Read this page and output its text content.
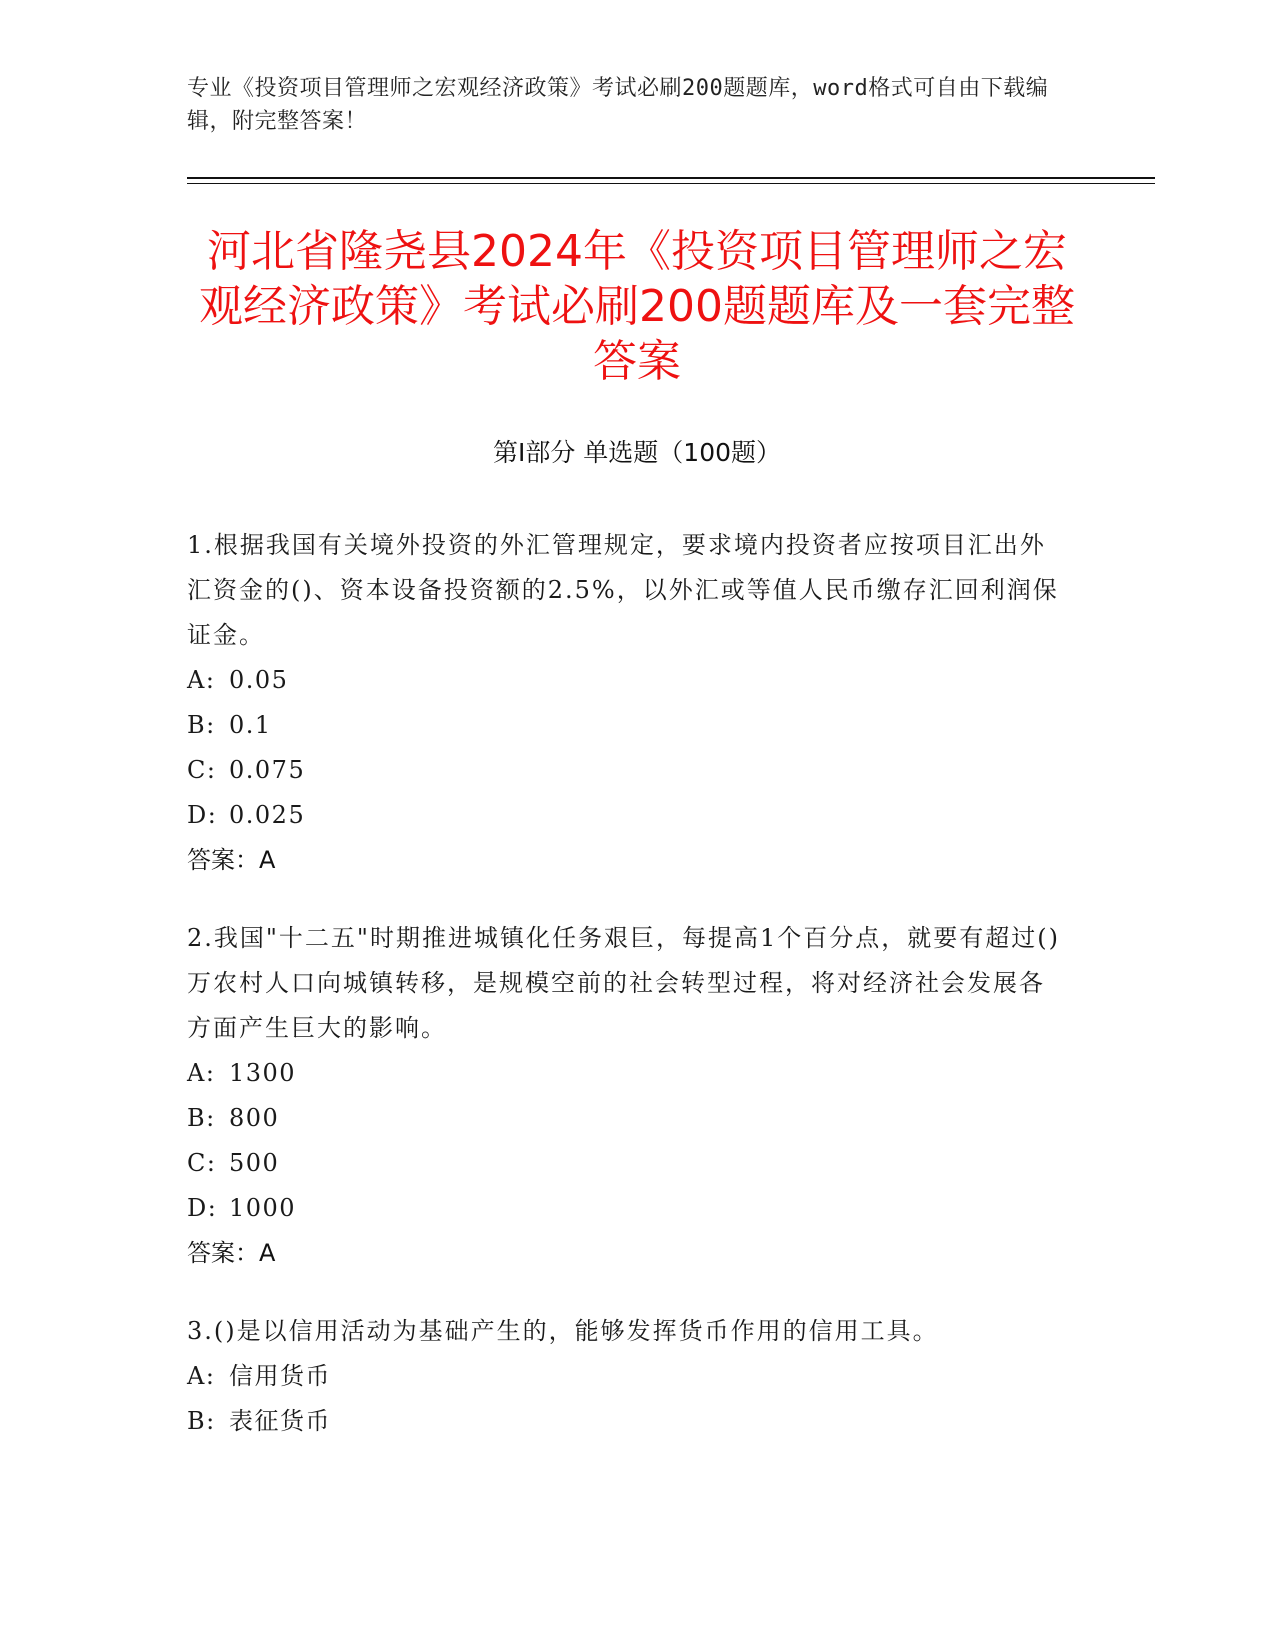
专业《投资项目管理师之宏观经济政策》考试必刷200题题库，word格式可自由下载编辑，附完整答案！
河北省隆尧县2024年《投资项目管理师之宏观经济政策》考试必刷200题题库及一套完整答案
第Ⅰ部分 单选题（100题）
1.根据我国有关境外投资的外汇管理规定，要求境内投资者应按项目汇出外汇资金的()、资本设备投资额的2.5%，以外汇或等值人民币缴存汇回利润保证金。
A: 0.05
B: 0.1
C: 0.075
D: 0.025
答案：A
2.我国"十二五"时期推进城镇化任务艰巨，每提高1个百分点，就要有超过()万农村人口向城镇转移，是规模空前的社会转型过程，将对经济社会发展各方面产生巨大的影响。
A: 1300
B: 800
C: 500
D: 1000
答案：A
3.()是以信用活动为基础产生的，能够发挥货币作用的信用工具。
A: 信用货币
B: 表征货币
